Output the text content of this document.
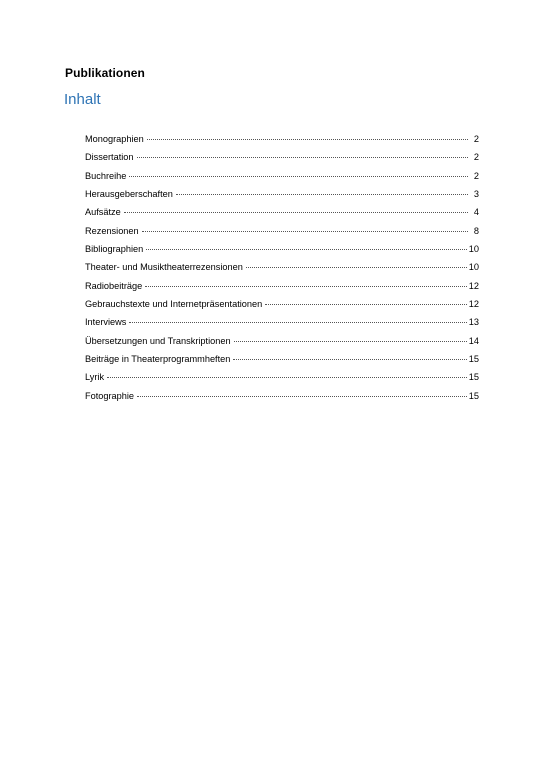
Publikationen
Inhalt
Monographien	2
Dissertation	2
Buchreihe	2
Herausgeberschaften	3
Aufsätze	4
Rezensionen	8
Bibliographien	10
Theater- und Musiktheaterrezensionen	10
Radiobeiträge	12
Gebrauchstexte und Internetpräsentationen	12
Interviews	13
Übersetzungen und Transkriptionen	14
Beiträge in Theaterprogrammheften	15
Lyrik	15
Fotographie	15
